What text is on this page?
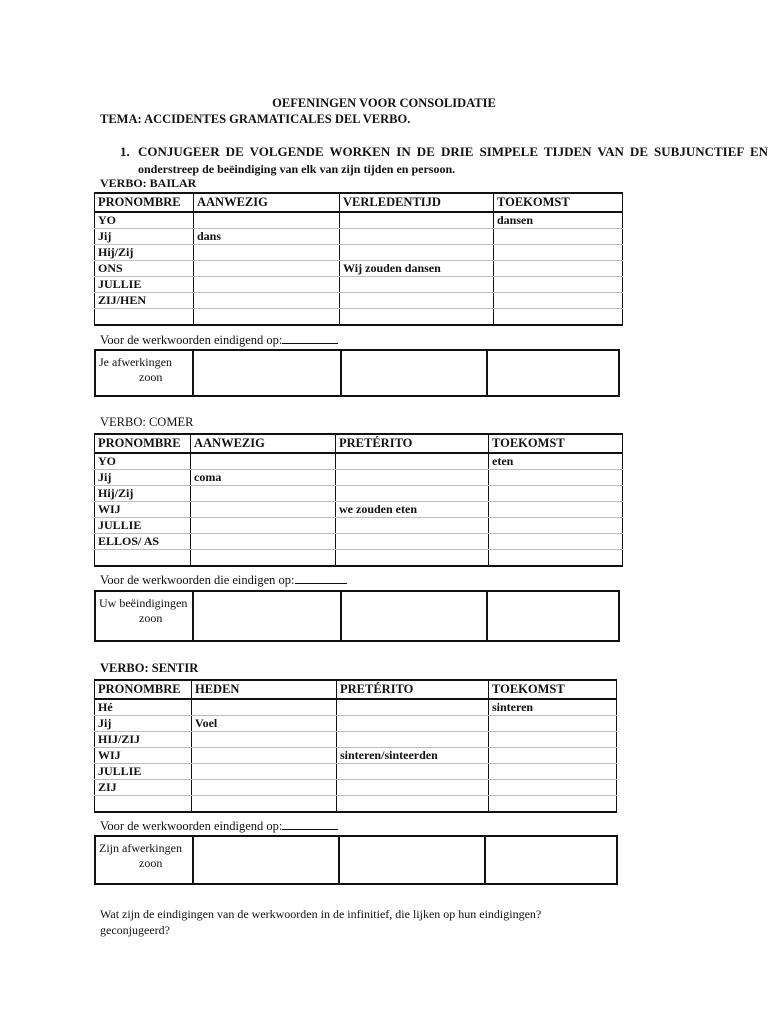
OEFENINGEN VOOR CONSOLIDATIE
TEMA: ACCIDENTES GRAMATICALES DEL VERBO.
1. CONJUGEER DE VOLGENDE WORKEN IN DE DRIE SIMPELE TIJDEN VAN DE SUBJUNCTIEF EN
onderstreep de beëindiging van elk van zijn tijden en persoon.
VERBO: BAILAR
PRONOMBRE	AANWEZIG	VERLEDENTIJD	TOEKOMST
YO			dansen
Jij	dans		
Hij/Zij			
ONS		Wij zouden dansen	
JULLIE			
ZIJ/HEN			

Voor de werkwoorden eindigend op:
Je afwerkingen
zoon

VERBO: COMER
PRONOMBRE	AANWEZIG	PRETÉRITO	TOEKOMST
YO			eten
Jij	coma		
Hij/Zij			
WIJ		we zouden eten	
JULLIE			
ELLOS/ AS			

Voor de werkwoorden die eindigen op:
Uw beëindigingen
zoon

VERBO: SENTIR
PRONOMBRE	HEDEN	PRETÉRITO	TOEKOMST
Hé			sinteren
Jij	Voel		
HIJ/ZIJ			
WIJ		sinteren/sinteerden	
JULLIE			
ZIJ			

Voor de werkwoorden eindigend op:
Zijn afwerkingen
zoon

Wat zijn de eindigingen van de werkwoorden in de infinitief, die lijken op hun eindigingen?
geconjugeerd?
